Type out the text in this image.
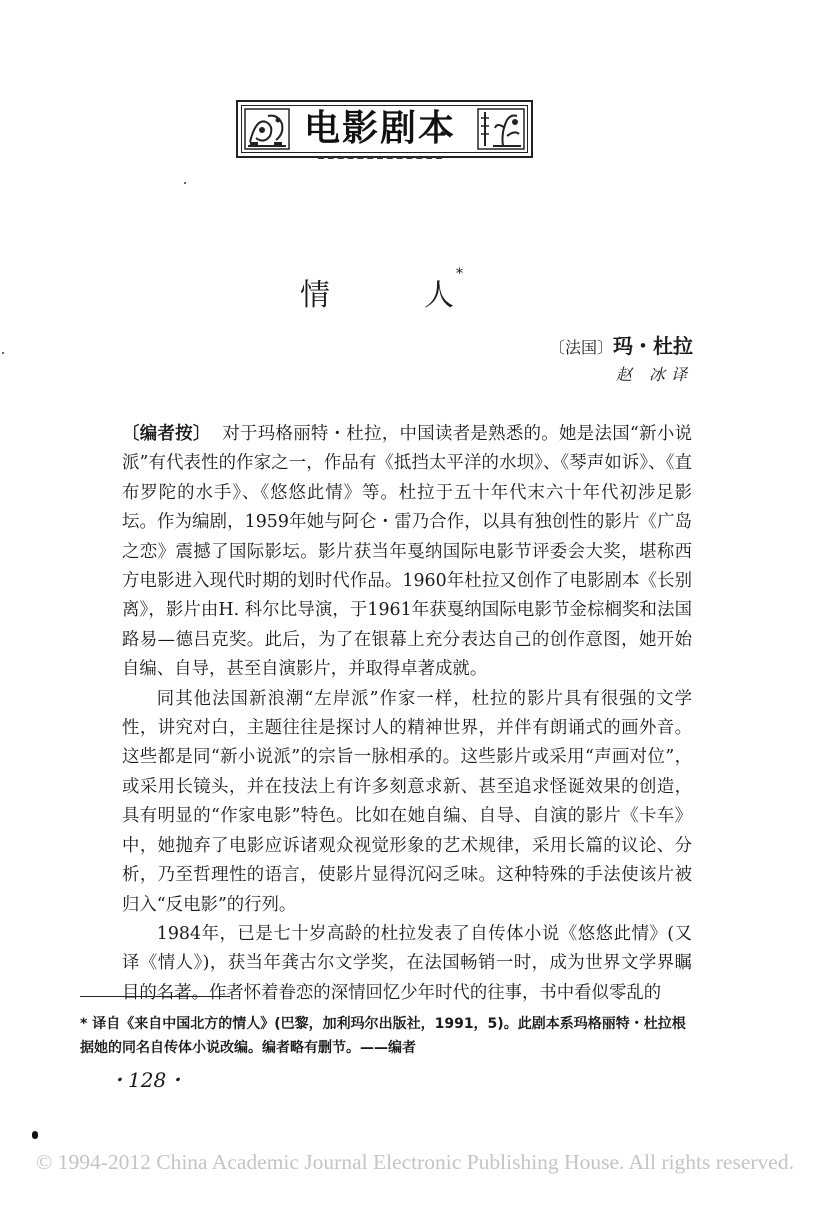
电影剧本
情	人
*
〔法国〕玛・杜拉
赵 冰译

〔编者按〕 对于玛格丽特・杜拉，中国读者是熟悉的。她是法国“新小说派”有代表性的作家之一，作品有《抵挡太平洋的水坝》、《琴声如诉》、《直布罗陀的水手》、《悠悠此情》等。杜拉于五十年代末六十年代初涉足影坛。作为编剧，1959年她与阿仑・雷乃合作，以具有独创性的影片《广岛之恋》震撼了国际影坛。影片获当年戛纳国际电影节评委会大奖，堪称西方电影进入现代时期的划时代作品。1960年杜拉又创作了电影剧本《长别离》，影片由H. 科尔比导演，于1961年获戛纳国际电影节金棕榈奖和法国路易—德吕克奖。此后，为了在银幕上充分表达自己的创作意图，她开始自编、自导，甚至自演影片，并取得卓著成就。

同其他法国新浪潮“左岸派”作家一样，杜拉的影片具有很强的文学性，讲究对白，主题往往是探讨人的精神世界，并伴有朗诵式的画外音。这些都是同“新小说派”的宗旨一脉相承的。这些影片或采用“声画对位”，或采用长镜头，并在技法上有许多刻意求新、甚至追求怪诞效果的创造，具有明显的“作家电影”特色。比如在她自编、自导、自演的影片《卡车》中，她抛弃了电影应诉诸观众视觉形象的艺术规律，采用长篇的议论、分析，乃至哲理性的语言，使影片显得沉闷乏味。这种特殊的手法使该片被归入“反电影”的行列。

1984年，已是七十岁高龄的杜拉发表了自传体小说《悠悠此情》(又译《情人》)，获当年龚古尔文学奖，在法国畅销一时，成为世界文学界瞩目的名著。作者怀着眷恋的深情回忆少年时代的往事，书中看似零乱的

* 译自《来自中国北方的情人》(巴黎，加利玛尔出版社，1991，5)。此剧本系玛格丽特・杜拉根据她的同名自传体小说改编。编者略有删节。——编者
・128・
© 1994-2012 China Academic Journal Electronic Publishing House. All rights reserved.
